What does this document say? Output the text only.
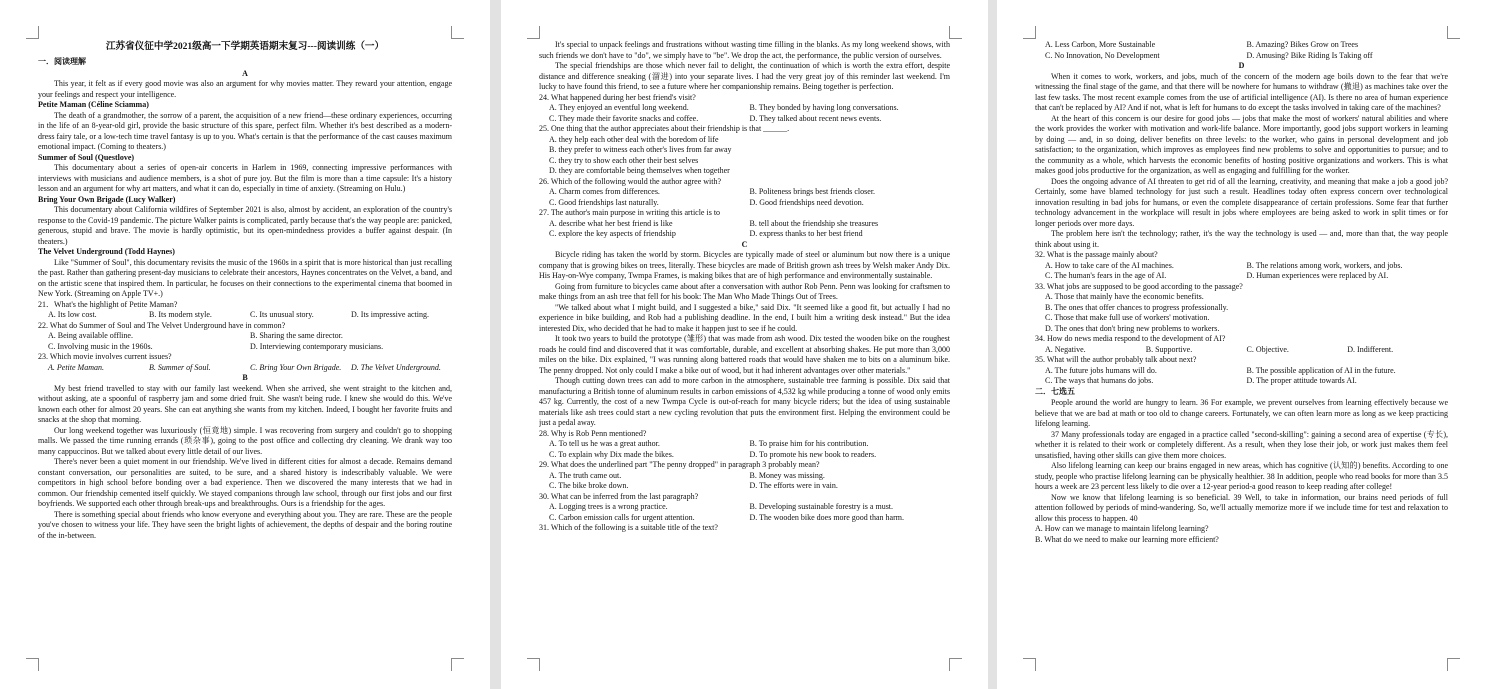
江苏省仪征中学2021级高一下学期英语期末复习---阅读训练（一）

一．阅读理解

A

This year, it felt as if every good movie was also an argument for why movies matter. They reward your attention, engage your feelings and respect your intelligence.

Petite Maman (Céline Sciamma)

The death of a grandmother, the sorrow of a parent, the acquisition of a new friend—these ordinary experiences, occurring in the life of an 8-year-old girl, provide the basic structure of this spare, perfect film. Whether it's best described as a modern-dress fairy tale, or a low-tech time travel fantasy is up to you. What's certain is that the performance of the cast causes maximum emotional impact. (Coming to theaters.)

Summer of Soul (Questlove)

This documentary about a series of open-air concerts in Harlem in 1969, connecting impressive performances with interviews with musicians and audience members, is a shot of pure joy. But the film is more than a time capsule: It's a history lesson and an argument for why art matters, and what it can do, especially in time of anxiety. (Streaming on Hulu.)

Bring Your Own Brigade (Lucy Walker)

This documentary about California wildfires of September 2021 is also, almost by accident, an exploration of the country's response to the Covid-19 pandemic. The picture Walker paints is complicated, partly because that's the way people are: panicked, generous, stupid and brave. The movie is hardly optimistic, but its open-mindedness provides a buffer against despair. (In theaters.)

The Velvet Underground (Todd Haynes)

Like "Summer of Soul", this documentary revisits the music of the 1960s in a spirit that is more historical than just recalling the past. Rather than gathering present-day musicians to celebrate their ancestors, Haynes concentrates on the Velvet, a band, and on the artistic scene that inspired them. In particular, he focuses on their connections to the experimental cinema that boomed in New York. (Streaming on Apple TV+.)

21．What's the highlight of Petite Maman?

A. Its low cost.	B. Its modern style.	C. Its unusual story.	D. Its impressive acting.

22. What do Summer of Soul and The Velvet Underground have in common?

A. Being available offline.	B. Sharing the same director.
C. Involving music in the 1960s.	D. Interviewing contemporary musicians.

23. Which movie involves current issues?

A. Petite Maman.	B. Summer of Soul.	C. Bring Your Own Brigade.	D. The Velvet Underground.

B

My best friend travelled to stay with our family last weekend. When she arrived, she went straight to the kitchen and, without asking, ate a spoonful of raspberry jam and some dried fruit. She wasn't being rude. I knew she would do this. We've known each other for almost 20 years. She can eat anything she wants from my kitchen. Indeed, I bought her favorite fruits and snacks at the shop that morning.

Our long weekend together was luxuriously (恒竟地) simple. I was recovering from surgery and couldn't go to shopping malls. We passed the time running errands (琐杂事), going to the post office and collecting dry cleaning. We drank way too many cappuccinos. But we talked about every little detail of our lives.

There's never been a quiet moment in our friendship. We've lived in different cities for almost a decade. Remains demand constant conversation, our personalities are suited, to be sure, and a shared history is indescribably valuable. We were competitors in high school before bonding over a bad experience. Then we discovered the many interests that we had in common. Our friendship cemented itself quickly. We stayed companions through law school, through our first jobs and our first boyfriends. We supported each other through break-ups and breakthroughs. Ours is a friendship for the ages.

There is something special about friends who know everyone and everything about you. They are rare. These are the people you've chosen to witness your life. They have seen the bright lights of achievement, the depths of despair and the boring routine of the in-between.

It's special to unpack feelings and frustrations without wasting time filling in the blanks. As my long weekend shows, with such friends we don't have to "do", we simply have to "be". We drop the act, the performance, the public version of ourselves.

The special friendships are those which never fail to delight, the continuation of which is worth the extra effort, despite distance and difference sneaking (溜进) into your separate lives. I had the very great joy of this reminder last weekend. I'm lucky to have found this friend, to see a future where her companionship remains. Being together is perfection.

24. What happened during her best friend's visit?

A. They enjoyed an eventful long weekend.	B. They bonded by having long conversations.
C. They made their favorite snacks and coffee.	D. They talked about recent news events.

25. One thing that the author appreciates about their friendship is that ______.

A. they help each other deal with the boredom of life

B. they prefer to witness each other's lives from far away

C. they try to show each other their best selves

D. they are comfortable being themselves when together

26. Which of the following would the author agree with?

A. Charm comes from differences.	B. Politeness brings best friends closer.
C. Good friendships last naturally.	D. Good friendships need devotion.

27. The author's main purpose in writing this article is to

A. describe what her best friend is like	B. tell about the friendship she treasures
C. explore the key aspects of friendship	D. express thanks to her best friend

C

Bicycle riding has taken the world by storm. Bicycles are typically made of steel or aluminum but now there is a unique company that is growing bikes on trees, literally. These bicycles are made of British grown ash trees by Welsh maker Andy Dix. His Hay-on-Wye company, Twmpa Frames, is making bikes that are of high performance and environmentally sustainable.

Going from furniture to bicycles came about after a conversation with author Rob Penn. Penn was looking for craftsmen to make things from an ash tree that fell for his book: The Man Who Made Things Out of Trees.

"We talked about what I might build, and I suggested a bike," said Dix. "It seemed like a good fit, but actually I had no experience in bike building, and Rob had a publishing deadline. In the end, I built him a writing desk instead." But the idea interested Dix, who decided that he had to make it happen just to see if he could.

It took two years to build the prototype (雏形) that was made from ash wood. Dix tested the wooden bike on the roughest roads he could find and discovered that it was comfortable, durable, and excellent at absorbing shakes. He put more than 3,000 miles on the bike. Dix explained, "I was running along battered roads that would have shaken me to bits on a aluminum bike. The penny dropped. Not only could I make a bike out of wood, but it had inherent advantages over other materials."

Though cutting down trees can add to more carbon in the atmosphere, sustainable tree farming is possible. Dix said that manufacturing a British tonne of aluminum results in carbon emissions of 4,532 kg while producing a tonne of wood only emits 457 kg. Currently, the cost of a new Twmpa Cycle is out-of-reach for many bicycle riders; but the idea of using sustainable materials like ash trees could start a new cycling revolution that puts the environment first. Helping the environment could be just a pedal away.

28. Why is Rob Penn mentioned?

A. To tell us he was a great author.	B. To praise him for his contribution.
C. To explain why Dix made the bikes.	D. To promote his new book to readers.

29. What does the underlined part "The penny dropped" in paragraph 3 probably mean?

A. The truth came out.	B. Money was missing.
C. The bike broke down.	D. The efforts were in vain.

30. What can be inferred from the last paragraph?

A. Logging trees is a wrong practice.	B. Developing sustainable forestry is a must.
C. Carbon emission calls for urgent attention.	D. The wooden bike does more good than harm.

31. Which of the following is a suitable title of the text?

A. Less Carbon, More Sustainable	B. Amazing? Bikes Grow on Trees
C. No Innovation, No Development	D. Amusing? Bike Riding Is Taking off

D

When it comes to work, workers, and jobs, much of the concern of the modern age boils down to the fear that we're witnessing the final stage of the game, and that there will be nowhere for humans to withdraw (撤退) as machines take over the last few tasks. The most recent example comes from the use of artificial intelligence (AI). Is there no area of human experience that can't be replaced by AI? And if not, what is left for humans to do except the tasks involved in taking care of the machines?

At the heart of this concern is our desire for good jobs — jobs that make the most of workers' natural abilities and where the work provides the worker with motivation and work-life balance. More importantly, good jobs support workers in learning by doing — and, in so doing, deliver benefits on three levels: to the worker, who gains in personal development and job satisfaction; to the organization, which improves as employees find new problems to solve and opportunities to pursue; and to the community as a whole, which harvests the economic benefits of hosting positive organizations and workers. This is what makes good jobs productive for the organization, as well as engaging and fulfilling for the worker.

Does the ongoing advance of AI threaten to get rid of all the learning, creativity, and meaning that make a job a good job? Certainly, some have blamed technology for just such a result. Headlines today often express concern over technological innovation resulting in bad jobs for humans, or even the complete disappearance of certain professions. Some fear that further technology advancement in the workplace will result in jobs where employees are being asked to work in split times or for longer periods over more days.

The problem here isn't the technology; rather, it's the way the technology is used — and, more than that, the way people think about using it.

32. What is the passage mainly about?

A. How to take care of the AI machines.	B. The relations among work, workers, and jobs.
C. The human's fears in the age of AI.	D. Human experiences were replaced by AI.

33. What jobs are supposed to be good according to the passage?

A. Those that mainly have the economic benefits.

B. The ones that offer chances to progress professionally.

C. Those that make full use of workers' motivation.

D. The ones that don't bring new problems to workers.

34. How do news media respond to the development of AI?

A. Negative.	B. Supportive.	C. Objective.	D. Indifferent.

35. What will the author probably talk about next?

A. The future jobs humans will do.	B. The possible application of AI in the future.
C. The ways that humans do jobs.	D. The proper attitude towards AI.

二．七选五

People around the world are hungry to learn. 36 For example, we prevent ourselves from learning effectively because we believe that we are bad at math or too old to change careers. Fortunately, we can often learn more as long as we keep practicing lifelong learning.

37 Many professionals today are engaged in a practice called "second-skilling": gaining a second area of expertise (专长), whether it is related to their work or completely different. As a result, when they lose their job, or work just makes them feel unsatisfied, having other skills can give them more choices.

Also lifelong learning can keep our brains engaged in new areas, which has cognitive (认知的) benefits. According to one study, people who practise lifelong learning can be physically healthier. 38 In addition, people who read books for more than 3.5 hours a week are 23 percent less likely to die over a 12-year period-a good reason to keep reading after college!

Now we know that lifelong learning is so beneficial. 39 Well, to take in information, our brains need periods of full attention followed by periods of mind-wandering. So, we'll actually memorize more if we include time for test and relaxation to allow this process to happen. 40

A. How can we manage to maintain lifelong learning?

B. What do we need to make our learning more efficient?
